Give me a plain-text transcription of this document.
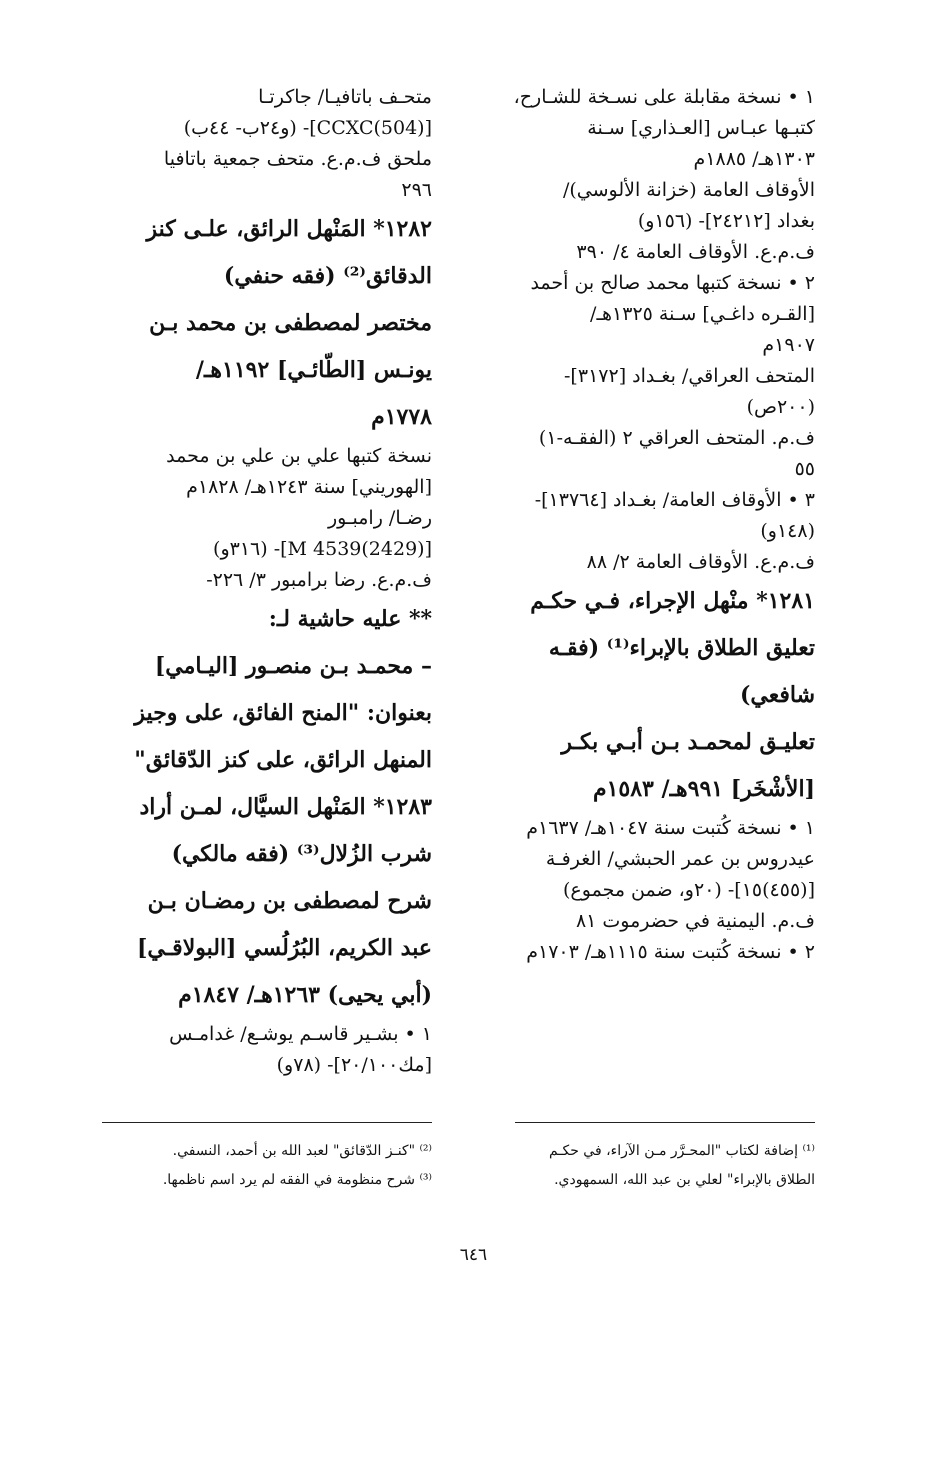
١ • نسخة مقابلة على نسـخة للشـارح،
كتبـها عبـاس [العـذاري] سـنة
١٣٠٣هـ/ ١٨٨٥م
الأوقاف العامة (خزانة الألوسي)/
بغداد [٢٤٢١٢]- (١٥٦و)
ف.م.ع. الأوقاف العامة ٤/ ٣٩٠
٢ • نسخة كتبها محمد صالح بن أحمد
[القـره داغـي] سـنة ١٣٢٥هـ/
١٩٠٧م
المتحف العراقي/ بغـداد [٣١٧٢]-
(٢٠٠ص)
ف.م. المتحف العراقي ٢ (الفقـه-١)
٥٥
٣ • الأوقاف العامة/ بغـداد [١٣٧٦٤]-
(١٤٨و)
ف.م.ع. الأوقاف العامة ٢/ ٨٨
١٢٨١* منْهل الإجراء، فـي حكـم
تعليق الطلاق بالإبراء⁽¹⁾ (فقـه
شافعي)
تعليـق لمحمـد بـن أبـي بكـر
[الأشْخَر] ٩٩١هـ/ ١٥٨٣م
١ • نسخة كُتبت سنة ١٠٤٧هـ/ ١٦٣٧م
عيدروس بن عمر الحبشي/ الغرفـة
[(٤٥٥)١٥]- (٢٠و، ضمن مجموع)
ف.م. اليمنية في حضرموت ٨١
٢ • نسخة كُتبت سنة ١١١٥هـ/ ١٧٠٣م
متحـف باتافيـا/ جاكرتـا
[CCXC(504)]- (و٢٤ب- ٤٤ب)
ملحق ف.م.ع. متحف جمعية باتافيا
٢٩٦
١٢٨٢* المَنْهل الرائق، علـى كنز
الدقائق⁽²⁾ (فقه حنفي)
مختصر لمصطفى بن محمد بـن
يونـس [الطّائـي] ١١٩٢هـ/
١٧٧٨م
نسخة كتبها علي بن علي بن محمد
[الهوريني] سنة ١٢٤٣هـ/ ١٨٢٨م
رضـا/ رامبـور
[M 4539(2429)]- (٣١٦و)
ف.م.ع. رضا برامبور ٣/ ٢٢٦-
** عليه حاشية لـ:
– محمـد بـن منصـور [اليـامي]
بعنوان: "المنح الفائق، على وجيز
المنهل الرائق، على كنز الدّقائق"
١٢٨٣* المَنْهل السيَّال، لمـن أراد
شرب الزُلال⁽³⁾ (فقه مالكي)
شرح لمصطفى بن رمضـان بـن
عبد الكريم، البُرُلُسي [البولاقـي]
(أبي يحيى) ١٢٦٣هـ/ ١٨٤٧م
١ • بشـير قاسـم يوشـع/ غدامـس
[مك٢٠/١٠٠]- (٧٨و)
⁽¹⁾ إضافة لكتاب "المحـرَّر مـن الآراء، في حكـم
الطلاق بالإبراء" لعلي بن عبد الله، السمهودي.
⁽²⁾ "كنـز الدّقائق" لعبد الله بن أحمد، النسفي.
⁽³⁾ شرح منظومة في الفقه لم يرد اسم ناظمها.
٦٤٦
